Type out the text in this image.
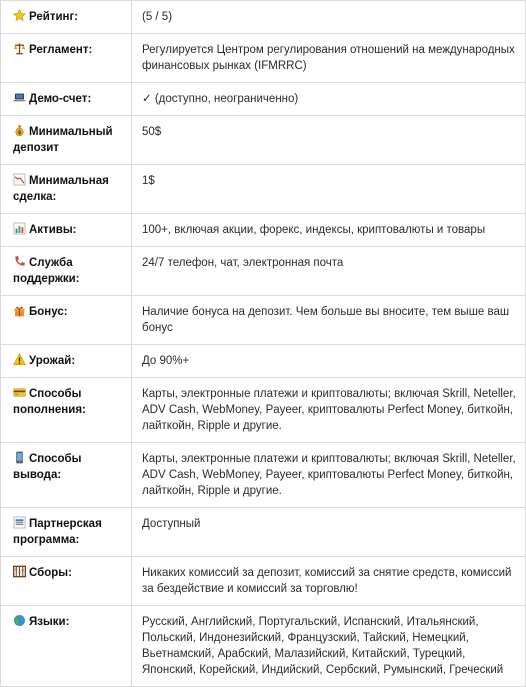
Рейтинг:	(5 / 5)

Регламент:	Регулируется Центром регулирования отношений на международных финансовых рынках (IFMRRC)

Демо-счет:	✓ (доступно, неограниченно)

$ Минимальный депозит	50$

Минимальная сделка:	1$

Активы:	100+, включая акции, форекс, индексы, криптовалюты и товары

Служба поддержки:	24/7 телефон, чат, электронная почта

Бонус:	Наличие бонуса на депозит. Чем больше вы вносите, тем выше ваш бонус

Урожай:	До 90%+

Способы пополнения:	Карты, электронные платежи и криптовалюты; включая Skrill, Neteller, ADV Cash, WebMoney, Payeer, криптовалюты Perfect Money, биткойн, лайткойн, Ripple и другие.

Способы вывода:	Карты, электронные платежи и криптовалюты; включая Skrill, Neteller, ADV Cash, WebMoney, Payeer, криптовалюты Perfect Money, биткойн, лайткойн, Ripple и другие.

Партнерская программа:	Доступный

Сборы:	Никаких комиссий за депозит, комиссий за снятие средств, комиссий за бездействие и комиссий за торговлю!

Языки:	Русский, Английский, Португальский, Испанский, Итальянский, Польский, Индонезийский, Французский, Тайский, Немецкий, Вьетнамский, Арабский, Малазийский, Китайский, Турецкий, Японский, Корейский, Индийский, Сербский, Румынский, Греческий
